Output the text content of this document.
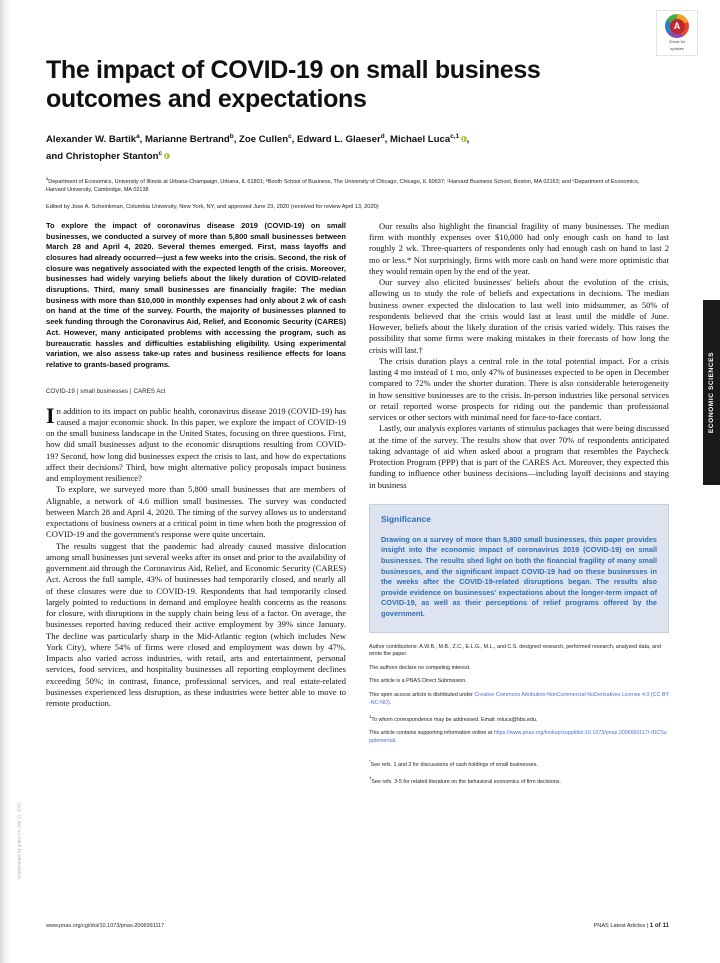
Downloaded by guest on July 11, 2020
A
Check for
updates
ECONOMIC SCIENCES
The impact of COVID-19 on small business outcomes and expectations
Alexander W. Bartik$^a$, Marianne Bertrand$^b$, Zoe Cullen$^c$, Edward L. Glaeser$^d$, Michael Luca$^{c,1}$ ,
and Christopher Stanton$^c$
$^a$Department of Economics, University of Illinois at Urbana-Champaign, Urbana, IL 61801; ᵇBooth School of Business, The University of Chicago, Chicago, IL 60637; ᶜHarvard Business School, Boston, MA 02163; and ᵈDepartment of Economics, Harvard University, Cambridge, MA 02138
Edited by Jose A. Scheinkman, Columbia University, New York, NY, and approved June 23, 2020 (received for review April 13, 2020)

To explore the impact of coronavirus disease 2019 (COVID-19) on small businesses, we conducted a survey of more than 5,800 small businesses between March 28 and April 4, 2020. Several themes emerged. First, mass layoffs and closures had already occurred—just a few weeks into the crisis. Second, the risk of closure was negatively associated with the expected length of the crisis. Moreover, businesses had widely varying beliefs about the likely duration of COVID-related disruptions. Third, many small businesses are financially fragile: The median business with more than $10,000 in monthly expenses had only about 2 wk of cash on hand at the time of the survey. Fourth, the majority of businesses planned to seek funding through the Coronavirus Aid, Relief, and Economic Security (CARES) Act. However, many anticipated problems with accessing the program, such as bureaucratic hassles and difficulties establishing eligibility. Using experimental variation, we also assess take-up rates and business resilience effects for loans relative to grants-based programs.

COVID-19 | small businesses | CARES Act

In addition to its impact on public health, coronavirus disease 2019 (COVID-19) has caused a major economic shock. In this paper, we explore the impact of COVID-19 on the small business landscape in the United States, focusing on three questions. First, how did small businesses adjust to the economic disruptions resulting from COVID-19? Second, how long did businesses expect the crisis to last, and how do expectations affect their decisions? Third, how might alternative policy proposals impact business and employment resilience?

To explore, we surveyed more than 5,800 small businesses that are members of Alignable, a network of 4.6 million small businesses. The survey was conducted between March 28 and April 4, 2020. The timing of the survey allows us to understand expectations of business owners at a critical point in time when both the progression of COVID-19 and the government's response were quite uncertain.

The results suggest that the pandemic had already caused massive dislocation among small businesses just several weeks after its onset and prior to the availability of government aid through the Coronavirus Aid, Relief, and Economic Security (CARES) Act. Across the full sample, 43% of businesses had temporarily closed, and nearly all of these closures were due to COVID-19. Respondents that had temporarily closed largely pointed to reductions in demand and employee health concerns as the reasons for closure, with disruptions in the supply chain being less of a factor. On average, the businesses reported having reduced their active employment by 39% since January. The decline was particularly sharp in the Mid-Atlantic region (which includes New York City), where 54% of firms were closed and employment was down by 47%. Impacts also varied across industries, with retail, arts and entertainment, personal services, food services, and hospitality businesses all reporting employment declines exceeding 50%; in contrast, finance, professional services, and real estate-related businesses experienced less disruption, as these industries were better able to move to remote production.

Our results also highlight the financial fragility of many businesses. The median firm with monthly expenses over $10,000 had only enough cash on hand to last roughly 2 wk. Three-quarters of respondents only had enough cash on hand to last 2 mo or less.* Not surprisingly, firms with more cash on hand were more optimistic that they would remain open by the end of the year.

Our survey also elicited businesses' beliefs about the evolution of the crisis, allowing us to study the role of beliefs and expectations in decisions. The median business owner expected the dislocation to last well into midsummer, as 50% of respondents believed that the crisis would last at least until the middle of June. However, beliefs about the likely duration of the crisis varied widely. This raises the possibility that some firms were making mistakes in their forecasts of how long the crisis will last.†

The crisis duration plays a central role in the total potential impact. For a crisis lasting 4 mo instead of 1 mo, only 47% of businesses expected to be open in December compared to 72% under the shorter duration. There is also considerable heterogeneity in how sensitive businesses are to the crisis. In-person industries like personal services or retail reported worse prospects for riding out the pandemic than professional services or other sectors with minimal need for face-to-face contact.

Lastly, our analysis explores variants of stimulus packages that were being discussed at the time of the survey. The results show that over 70% of respondents anticipated taking advantage of aid when asked about a program that resembles the Paycheck Protection Program (PPP) that is part of the CARES Act. Moreover, they expected this funding to influence other business decisions—including layoff decisions and staying in business

Significance

Drawing on a survey of more than 5,800 small businesses, this paper provides insight into the economic impact of coronavirus 2019 (COVID-19) on small businesses. The results shed light on both the financial fragility of many small businesses, and the significant impact COVID-19 had on these businesses in the weeks after the COVID-19-related disruptions began. The results also provide evidence on businesses' expectations about the longer-term impact of COVID-19, as well as their perceptions of relief programs offered by the government.

Author contributions: A.W.B., M.B., Z.C., E.L.G., M.L., and C.S. designed research, performed research, analyzed data, and wrote the paper.

The authors declare no competing interest.

This article is a PNAS Direct Submission.

This open access article is distributed under Creative Commons Attribution-NonCommercial-NoDerivatives License 4.0 (CC BY-NC-ND).

$^1$To whom correspondence may be addressed. Email: mluca@hbs.edu.

This article contains supporting information online at https://www.pnas.org/lookup/suppl/doi:10.1073/pnas.2006991117/-/DCSupplemental.

*See refs. 1 and 2 for discussions of cash holdings of small businesses.

†See refs. 3-5 for related literature on the behavioral economics of firm decisions.

www.pnas.org/cgi/doi/10.1073/pnas.2006991117	PNAS Latest Articles | 1 of 11
